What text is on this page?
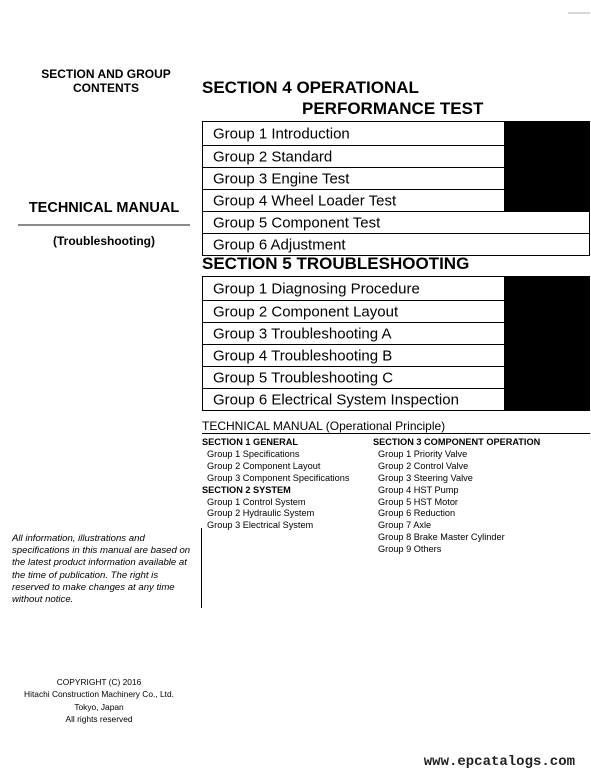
SECTION AND GROUP
CONTENTS
TECHNICAL MANUAL
(Troubleshooting)
All information, illustrations and specifications in this manual are based on the latest product information available at the time of publication. The right is reserved to make changes at any time without notice.
COPYRIGHT (C) 2016
Hitachi Construction Machinery Co., Ltd.
Tokyo, Japan
All rights reserved
SECTION 4 OPERATIONAL
PERFORMANCE TEST
Group 1 Introduction
Group 2 Standard
Group 3 Engine Test
Group 4 Wheel Loader Test
Group 5 Component Test
Group 6 Adjustment
SECTION 5 TROUBLESHOOTING
Group 1 Diagnosing Procedure
Group 2 Component Layout
Group 3 Troubleshooting A
Group 4 Troubleshooting B
Group 5 Troubleshooting C
Group 6 Electrical System Inspection
TECHNICAL MANUAL (Operational Principle)
SECTION 1 GENERAL
Group 1 Specifications
Group 2 Component Layout
Group 3 Component Specifications
SECTION 2 SYSTEM
Group 1 Control System
Group 2 Hydraulic System
Group 3 Electrical System
SECTION 3 COMPONENT OPERATION
Group 1 Priority Valve
Group 2 Control Valve
Group 3 Steering Valve
Group 4 HST Pump
Group 5 HST Motor
Group 6 Reduction
Group 7 Axle
Group 8 Brake Master Cylinder
Group 9 Others
www.epcatalogs.com
